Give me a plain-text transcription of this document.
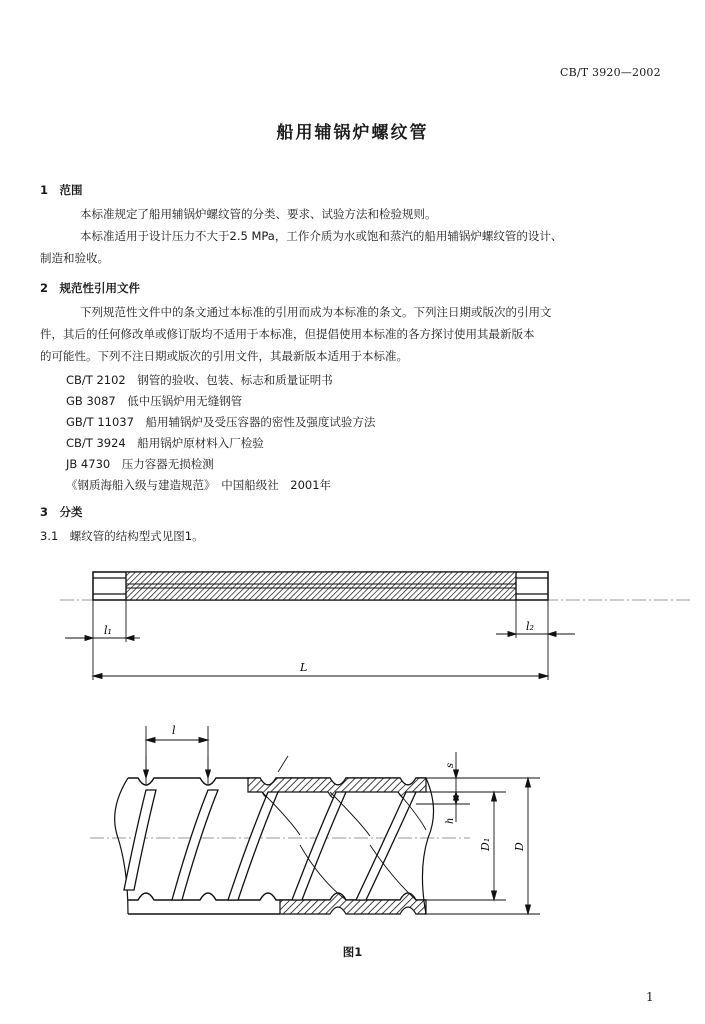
CB/T 3920—2002
船用辅锅炉螺纹管
1　范围
本标准规定了船用辅锅炉螺纹管的分类、要求、试验方法和检验规则。
本标准适用于设计压力不大于2.5 MPa，工作介质为水或饱和蒸汽的船用辅锅炉螺纹管的设计、
制造和验收。
2　规范性引用文件
下列规范性文件中的条文通过本标准的引用而成为本标准的条文。下列注日期或版次的引用文
件，其后的任何修改单或修订版均不适用于本标准，但提倡使用本标准的各方探讨使用其最新版本
的可能性。下列不注日期或版次的引用文件，其最新版本适用于本标准。
CB/T 2102　钢管的验收、包装、标志和质量证明书
GB 3087　低中压锅炉用无缝钢管
GB/T 11037　船用辅锅炉及受压容器的密性及强度试验方法
CB/T 3924　船用锅炉原材料入厂检验
JB 4730　压力容器无损检测
《钢质海船入级与建造规范》　中国船级社　2001年
3　分类
3.1　螺纹管的结构型式见图1。
l₁	l₂
L
l
s
h
D₁ D
图1
1
